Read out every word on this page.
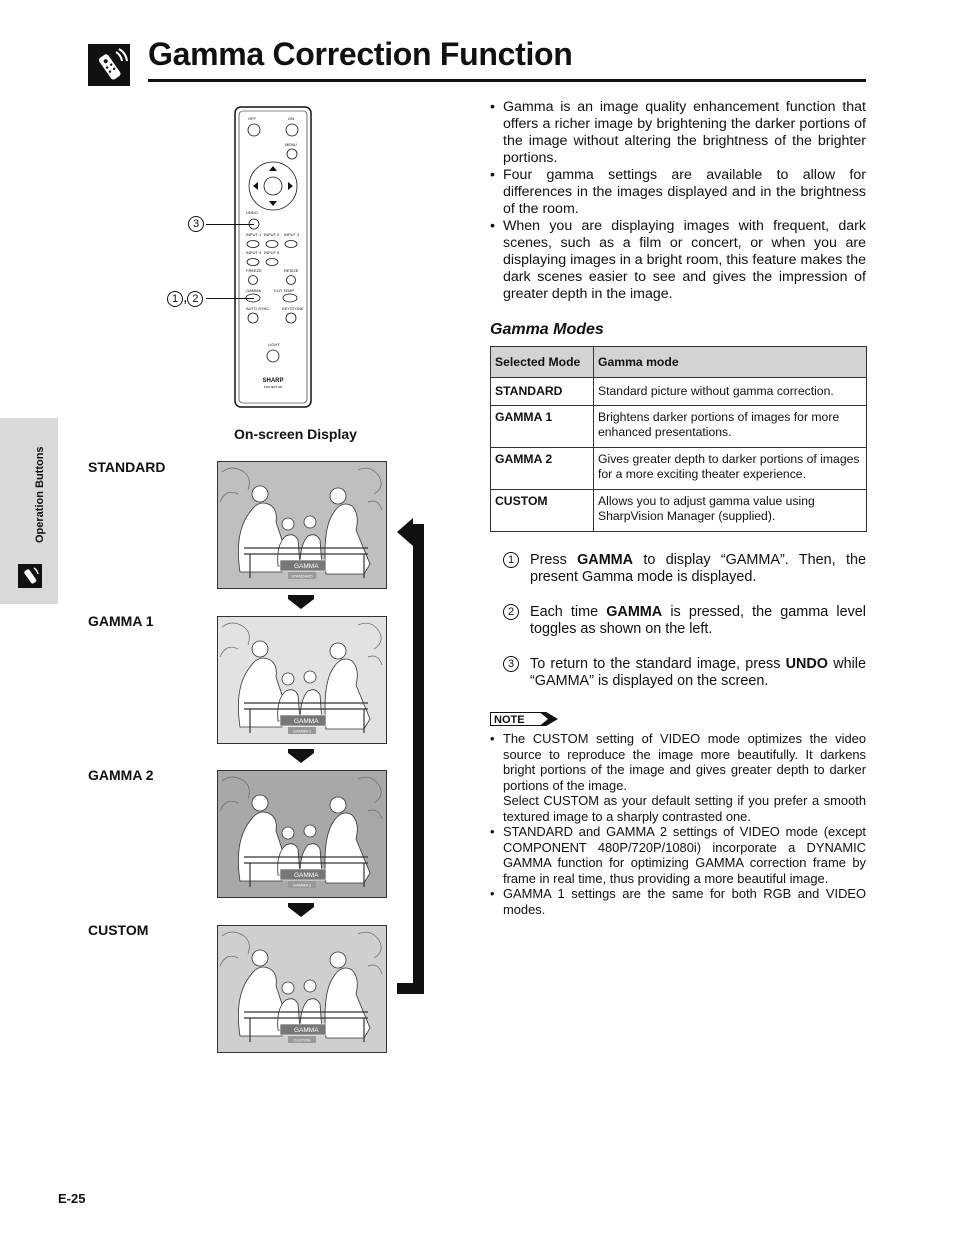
Gamma Correction Function
Operation Buttons
OFF	ON
MENU
UNDO
INPUT 1 INPUT 2 INPUT 3
INPUT 4 INPUT 5
FREEZE	RESIZE
GAMMA	CLR TEMP
AUTO SYNC	KEYSTONE
LIGHT
SHARP
PROJECTOR
3
1 , 2
On-screen Display
STANDARD
GAMMA 1
GAMMA 2
CUSTOM
GAMMA
STANDARD
GAMMA
GAMMA 1
GAMMA
GAMMA 2
GAMMA
CUSTOM
• Gamma is an image quality enhancement function that offers a richer image by brightening the darker portions of the image without altering the brightness of the brighter portions.
• Four gamma settings are available to allow for differences in the images displayed and in the brightness of the room.
• When you are displaying images with frequent, dark scenes, such as a film or concert, or when you are displaying images in a bright room, this feature makes the dark scenes easier to see and gives the impression of greater depth in the image.
Gamma Modes
Selected Mode	Gamma mode
STANDARD	Standard picture without gamma correction.
GAMMA 1	Brightens darker portions of images for more enhanced presentations.
GAMMA 2	Gives greater depth to darker portions of images for a more exciting theater experience.
CUSTOM	Allows you to adjust gamma value using SharpVision Manager (supplied).
1	Press GAMMA to display “GAMMA”. Then, the present Gamma mode is displayed.
2	Each time GAMMA is pressed, the gamma level toggles as shown on the left.
3	To return to the standard image, press UNDO while “GAMMA” is displayed on the screen.
NOTE
• The CUSTOM setting of VIDEO mode optimizes the video source to reproduce the image more beautifully. It darkens bright portions of the image and gives greater depth to darker portions of the image.
Select CUSTOM as your default setting if you prefer a smooth textured image to a sharply contrasted one.
• STANDARD and GAMMA 2 settings of VIDEO mode (except COMPONENT 480P/720P/1080i) incorporate a DYNAMIC GAMMA function for optimizing GAMMA correction frame by frame in real time, thus providing a more beautiful image.
• GAMMA 1 settings are the same for both RGB and VIDEO modes.
E-25
